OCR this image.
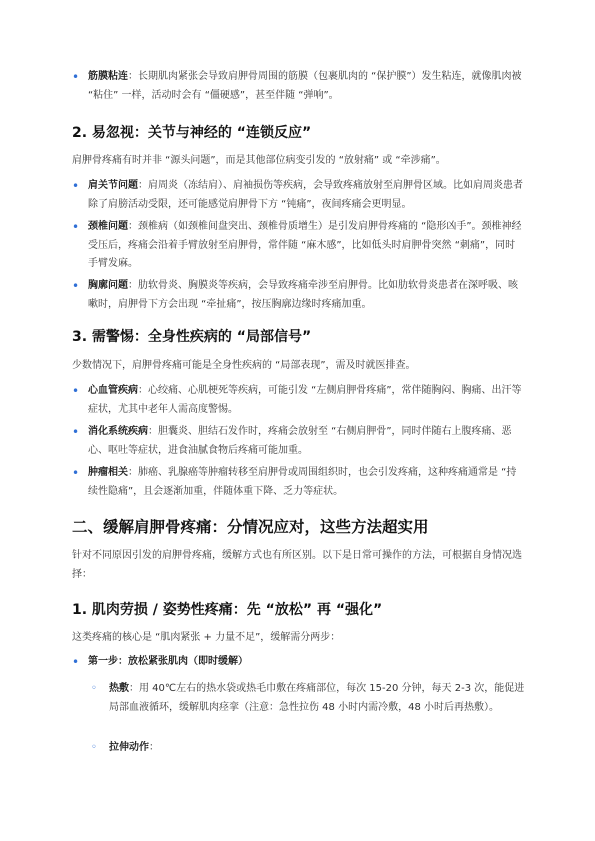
• 筋膜粘连：长期肌肉紧张会导致肩胛骨周围的筋膜（包裹肌肉的 “保护膜”）发生粘连，就像肌肉被 “粘住” 一样，活动时会有 “僵硬感”，甚至伴随 “弹响”。
2. 易忽视：关节与神经的 “连锁反应”
肩胛骨疼痛有时并非 “源头问题”，而是其他部位病变引发的 “放射痛” 或 “牵涉痛”。
• 肩关节问题：肩周炎（冻结肩）、肩袖损伤等疾病，会导致疼痛放射至肩胛骨区域。比如肩周炎患者除了肩膀活动受限，还可能感觉肩胛骨下方 “钝痛”，夜间疼痛会更明显。
• 颈椎问题：颈椎病（如颈椎间盘突出、颈椎骨质增生）是引发肩胛骨疼痛的 “隐形凶手”。颈椎神经受压后，疼痛会沿着手臂放射至肩胛骨，常伴随 “麻木感”，比如低头时肩胛骨突然 “刺痛”，同时手臂发麻。
• 胸廓问题：肋软骨炎、胸膜炎等疾病，会导致疼痛牵涉至肩胛骨。比如肋软骨炎患者在深呼吸、咳嗽时，肩胛骨下方会出现 “牵扯痛”，按压胸廓边缘时疼痛加重。
3. 需警惕：全身性疾病的 “局部信号”
少数情况下，肩胛骨疼痛可能是全身性疾病的 “局部表现”，需及时就医排查。
• 心血管疾病：心绞痛、心肌梗死等疾病，可能引发 “左侧肩胛骨疼痛”，常伴随胸闷、胸痛、出汗等症状，尤其中老年人需高度警惕。
• 消化系统疾病：胆囊炎、胆结石发作时，疼痛会放射至 “右侧肩胛骨”，同时伴随右上腹疼痛、恶心、呕吐等症状，进食油腻食物后疼痛可能加重。
• 肿瘤相关：肺癌、乳腺癌等肿瘤转移至肩胛骨或周围组织时，也会引发疼痛，这种疼痛通常是 “持续性隐痛”，且会逐渐加重，伴随体重下降、乏力等症状。
二、缓解肩胛骨疼痛：分情况应对，这些方法超实用
针对不同原因引发的肩胛骨疼痛，缓解方式也有所区别。以下是日常可操作的方法，可根据自身情况选择：
1. 肌肉劳损 / 姿势性疼痛：先 “放松” 再 “强化”
这类疼痛的核心是 “肌肉紧张 + 力量不足”，缓解需分两步：
• 第一步：放松紧张肌肉（即时缓解）
◦ 热敷：用 40℃左右的热水袋或热毛巾敷在疼痛部位，每次 15-20 分钟，每天 2-3 次，能促进局部血液循环，缓解肌肉痉挛（注意：急性拉伤 48 小时内需冷敷，48 小时后再热敷）。
◦ 拉伸动作：
